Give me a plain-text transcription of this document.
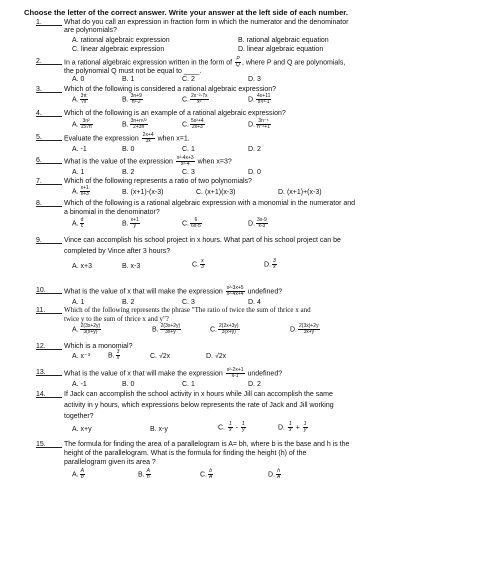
Choose the letter of the correct answer. Write your answer at the left side of each number.
1.	What do you call an expression in fraction form in which the numerator and the denominator
are polynomials?
A. rational algebraic expression	B. rational algebraic equation
C. linear algebraic expression	D. linear algebraic equation
2.	In a rational algebraic expression written in the form of $\frac{P}{Q}$ , where P and Q are polynomials,
the polynomial Q must not be equal to ____.
A. 0	B. 1	C. 2	D. 3
3.	Which of the following is considered a rational algebraic expression?
A. $\frac{3\pi}{√x}$	B. $\frac{3n+9}{\text{n²-2}}$	C. $\frac{\text{2x⁻²-7x}}{\text{x²}}$	D. $\frac{4x+11}{\text{x¹/³-1}}$
4.	Which of the following is an example of a rational algebraic expression?
A. $\frac{\text{3n²}}{15√n}$	B. $\frac{\text{3n+n¹/²}}{2+3n}$	C. $\frac{\text{5x²+4}}{2x+3}$	D. $\frac{\text{3n⁻⁵}}{\text{n⁻²+1}}$
5.	Evaluate the expression $\frac{2x+4}{3x}$ when x=1.
A. -1	B. 0	C. 1	D. 2
6.	What is the value of the expression $\frac{\text{x²-4x+3}}{\text{x²-4}}$ when x=3?
A. 1	B. 2	C. 3	D. 0
7.	Which of the following represents a ratio of two polynomials?
A. $\frac{x+1}{x+3}$	B. (x+1)-(x-3)	C. (x+1)(x-3)	D. (x+1)+(x-3)
8.	Which of the following is a rational algebraic expression with a monomial in the numerator and
a binomial in the denominator?
A. $\frac{d}{c}$	B. $\frac{x+1}{y}$	C. $\frac{6}{6x-5}$	D. $\frac{3x-9}{x-3}$
9.	Vince can accomplish his school project in x hours. What part of his school project can be
completed by Vince after 3 hours?
A. x+3	B. x-3	C. $\frac{x}{3}$	D. $\frac{3}{x}$
10.	What is the value of x that will make the expression $\frac{\text{x²-3x+5}}{\text{x²-4x+4}}$ undefined?
A. 1	B. 2	C. 3	D. 4
11.	Which of the following represents the phrase "The ratio of twice the sum of thrice x and
twice y to the sum of thrice x and y"?
A. $\frac{2(3x+2y)}{3(x+y)}$	B. $\frac{2(3x+2y)}{3x+y}$	C. $\frac{2(2x+3y)}{3(x+y)}$	D. $\frac{2(3x)+2y}{3x+y}$
12.	Which is a monomial?
A. x⁻³	B. $\frac{3}{x}$	C. √2x	D. √2x
13.	What is the value of x that will make the expression $\frac{\text{x²-2x+1}}{x-1}$ undefined?
A. -1	B. 0	C. 1	D. 2
14.	If Jack can accomplish the school activity in x hours while Jill can accomplish the same
activity in y hours, which expressions below represents the rate of Jack and Jill working
together?
A. x+y	B. x-y	C. $\frac{1}{x} - \frac{1}{y}$	D. $\frac{1}{x} + \frac{1}{y}$
15.	The formula for finding the area of a parallelogram is A= bh, where b is the base and h is the
height of the parallelogram. What is the formula for finding the height (h) of the
parallelogram given its area ?
A. $\frac{A}{b}$	B. $\frac{A}{h}$	C. $\frac{b}{A}$	D. $\frac{h}{A}$
